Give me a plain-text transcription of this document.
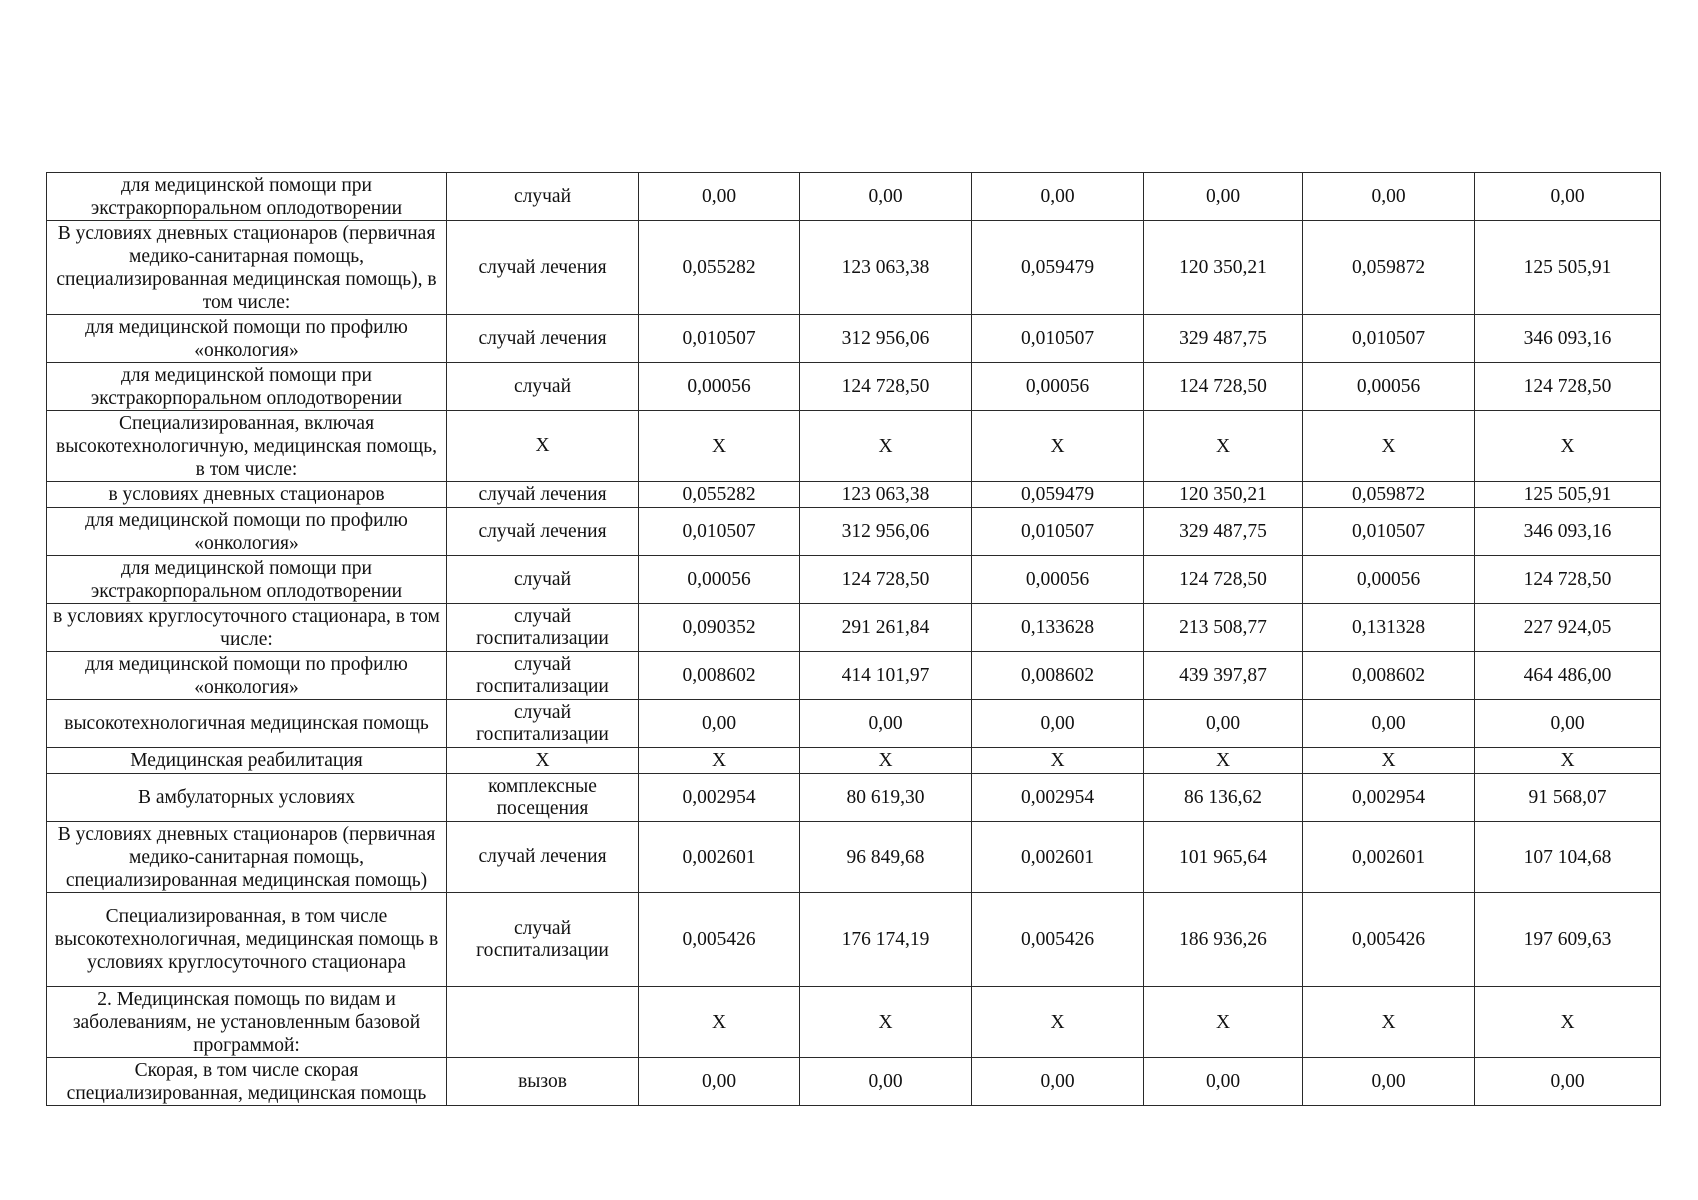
для медицинской помощи при экстракорпоральном оплодотворении	случай	0,00	0,00	0,00	0,00	0,00	0,00
В условиях дневных стационаров (первичная медико-санитарная помощь, специализированная медицинская помощь), в том числе:	случай лечения	0,055282	123 063,38	0,059479	120 350,21	0,059872	125 505,91
для медицинской помощи по профилю «онкология»	случай лечения	0,010507	312 956,06	0,010507	329 487,75	0,010507	346 093,16
для медицинской помощи при экстракорпоральном оплодотворении	случай	0,00056	124 728,50	0,00056	124 728,50	0,00056	124 728,50
Специализированная, включая высокотехнологичную, медицинская помощь, в том числе:	X	X	X	X	X	X	X
в условиях дневных стационаров	случай лечения	0,055282	123 063,38	0,059479	120 350,21	0,059872	125 505,91
для медицинской помощи по профилю «онкология»	случай лечения	0,010507	312 956,06	0,010507	329 487,75	0,010507	346 093,16
для медицинской помощи при экстракорпоральном оплодотворении	случай	0,00056	124 728,50	0,00056	124 728,50	0,00056	124 728,50
в условиях круглосуточного стационара, в том числе:	случай госпитализации	0,090352	291 261,84	0,133628	213 508,77	0,131328	227 924,05
для медицинской помощи по профилю «онкология»	случай госпитализации	0,008602	414 101,97	0,008602	439 397,87	0,008602	464 486,00
высокотехнологичная медицинская помощь	случай госпитализации	0,00	0,00	0,00	0,00	0,00	0,00
Медицинская реабилитация	X	X	X	X	X	X	X
В амбулаторных условиях	комплексные посещения	0,002954	80 619,30	0,002954	86 136,62	0,002954	91 568,07
В условиях дневных стационаров (первичная медико-санитарная помощь, специализированная медицинская помощь)	случай лечения	0,002601	96 849,68	0,002601	101 965,64	0,002601	107 104,68
Специализированная, в том числе высокотехнологичная, медицинская помощь в условиях круглосуточного стационара	случай госпитализации	0,005426	176 174,19	0,005426	186 936,26	0,005426	197 609,63
2. Медицинская помощь по видам и заболеваниям, не установленным базовой программой:		X	X	X	X	X	X
Скорая, в том числе скорая специализированная, медицинская помощь	вызов	0,00	0,00	0,00	0,00	0,00	0,00
